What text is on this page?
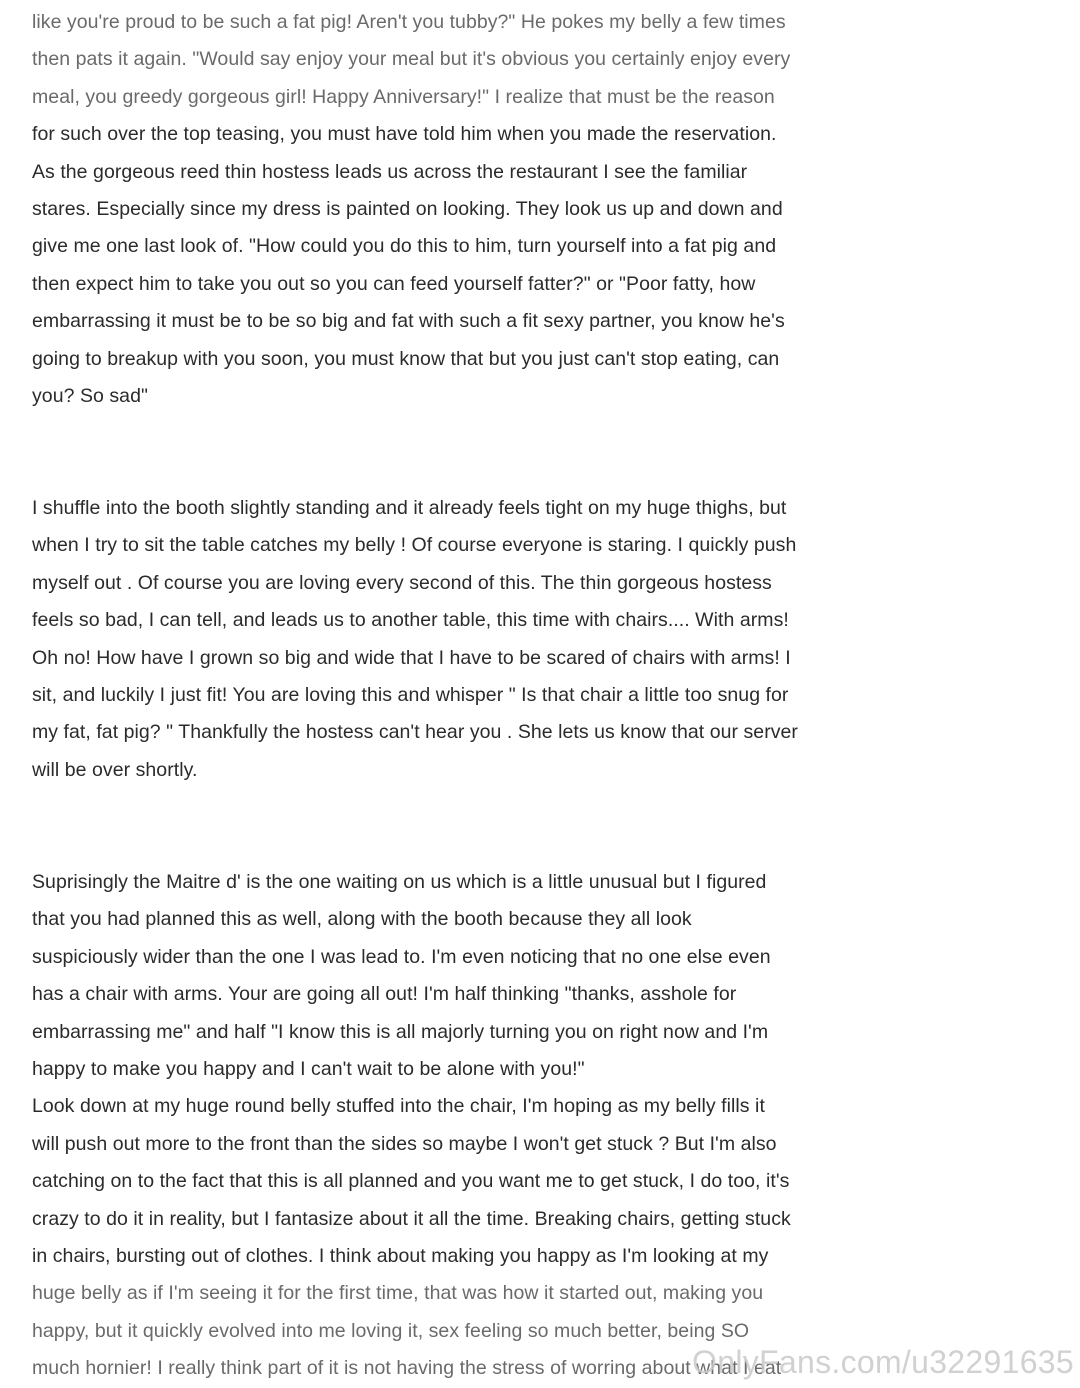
like you're proud to be such a fat pig! Aren't you tubby?" He pokes my belly a few times
then pats it again. "Would say enjoy your meal but it's obvious you certainly enjoy every
meal, you greedy gorgeous girl! Happy Anniversary!" I realize that must be the reason
for such over the top teasing, you must have told him when you made the reservation.
As the gorgeous reed thin hostess leads us across the restaurant I see the familiar
stares. Especially since my dress is painted on looking. They look us up and down and
give me one last look of. "How could you do this to him, turn yourself into a fat pig and
then expect him to take you out so you can feed yourself fatter?" or "Poor fatty, how
embarrassing it must be to be so big and fat with such a fit sexy partner, you know he's
going to breakup with you soon, you must know that but you just can't stop eating, can
you? So sad"
I shuffle into the booth slightly standing and it already feels tight on my huge thighs, but
when I try to sit the table catches my belly ! Of course everyone is staring. I quickly push
myself out . Of course you are loving every second of this. The thin gorgeous hostess
feels so bad, I can tell, and leads us to another table, this time with chairs.... With arms!
Oh no! How have I grown so big and wide that I have to be scared of chairs with arms! I
sit, and luckily I just fit! You are loving this and whisper " Is that chair a little too snug for
my fat, fat pig? " Thankfully the hostess can't hear you . She lets us know that our server
will be over shortly.
Suprisingly the Maitre d' is the one waiting on us which is a little unusual but I figured
that you had planned this as well, along with the booth because they all look
suspiciously wider than the one I was lead to. I'm even noticing that no one else even
has a chair with arms. Your are going all out! I'm half thinking "thanks, asshole for
embarrassing me" and half "I know this is all majorly turning you on right now and I'm
happy to make you happy and I can't wait to be alone with you!"
Look down at my huge round belly stuffed into the chair, I'm hoping as my belly fills it
will push out more to the front than the sides so maybe I won't get stuck ? But I'm also
catching on to the fact that this is all planned and you want me to get stuck, I do too, it's
crazy to do it in reality, but I fantasize about it all the time. Breaking chairs, getting stuck
in chairs, bursting out of clothes. I think about making you happy as I'm looking at my
huge belly as if I'm seeing it for the first time, that was how it started out, making you
happy, but it quickly evolved into me loving it, sex feeling so much better, being SO
much hornier! I really think part of it is not having the stress of worring about what I eat
OnlyFans.com/u32291635
